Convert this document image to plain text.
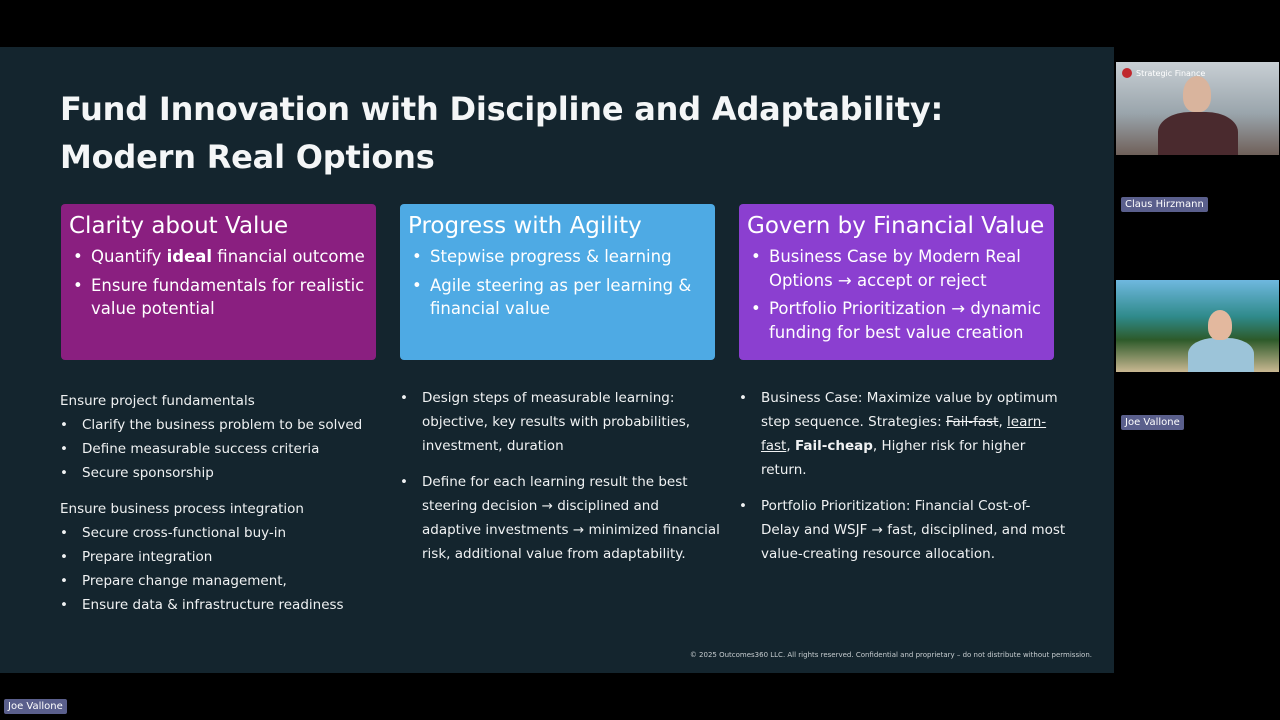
Fund Innovation with Discipline and Adaptability: Modern Real Options
Clarity about Value
• Quantify ideal financial outcome
• Ensure fundamentals for realistic value potential
Progress with Agility
• Stepwise progress & learning
• Agile steering as per learning & financial value
Govern by Financial Value
• Business Case by Modern Real Options → accept or reject
• Portfolio Prioritization → dynamic funding for best value creation

Ensure project fundamentals

• Clarify the business problem to be solved
• Define measurable success criteria
• Secure sponsorship

Ensure business process integration

• Secure cross-functional buy-in
• Prepare integration
• Prepare change management,
• Ensure data & infrastructure readiness
• Design steps of measurable learning: objective, key results with probabilities, investment, duration
• Define for each learning result the best steering decision → disciplined and adaptive investments → minimized financial risk, additional value from adaptability.
• Business Case: Maximize value by optimum step sequence. Strategies: Fail-fast, learn-fast, Fail-cheap, Higher risk for higher return.
• Portfolio Prioritization: Financial Cost-of-Delay and WSJF → fast, disciplined, and most value-creating resource allocation.
© 2025 Outcomes360 LLC. All rights reserved. Confidential and proprietary – do not distribute without permission.
Strategic Finance
Claus Hirzmann
Joe Vallone
Joe Vallone
